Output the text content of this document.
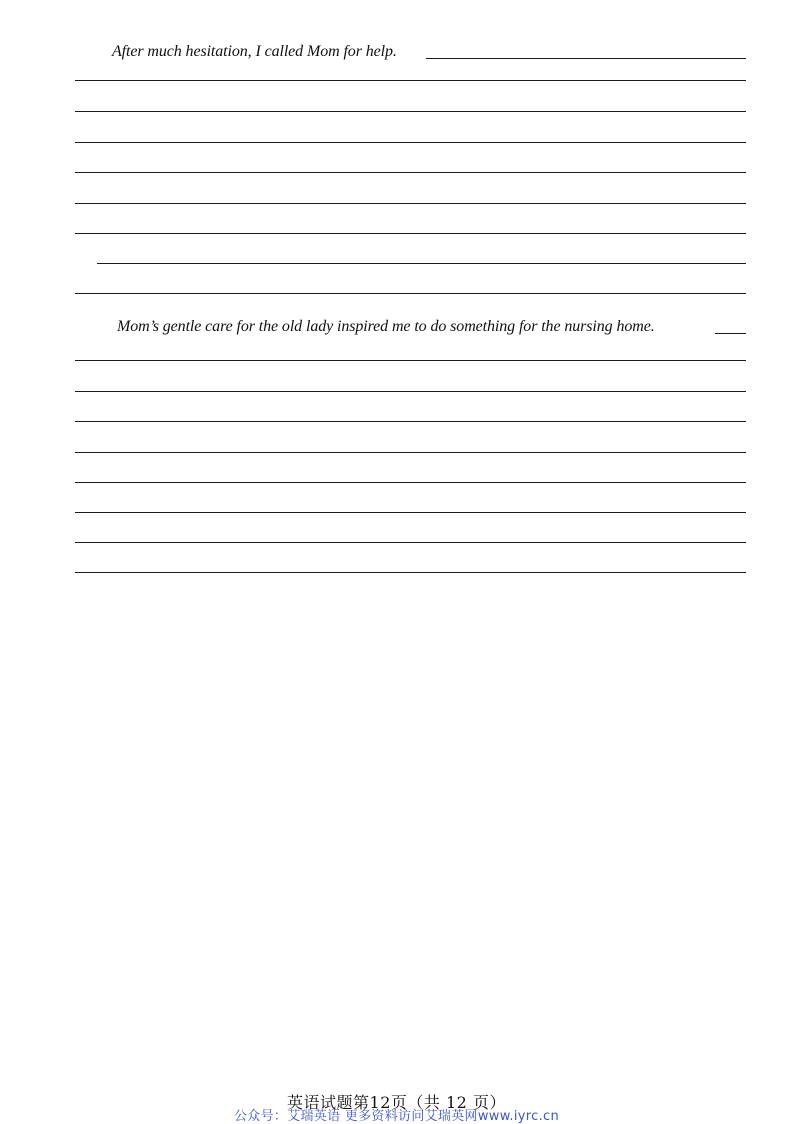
After much hesitation, I called Mom for help.
Mom’s gentle care for the old lady inspired me to do something for the nursing home.
英语试题第12页（共 12 页）
公众号：艾瑞英语 更多资料访问艾瑞英网www.iyrc.cn
